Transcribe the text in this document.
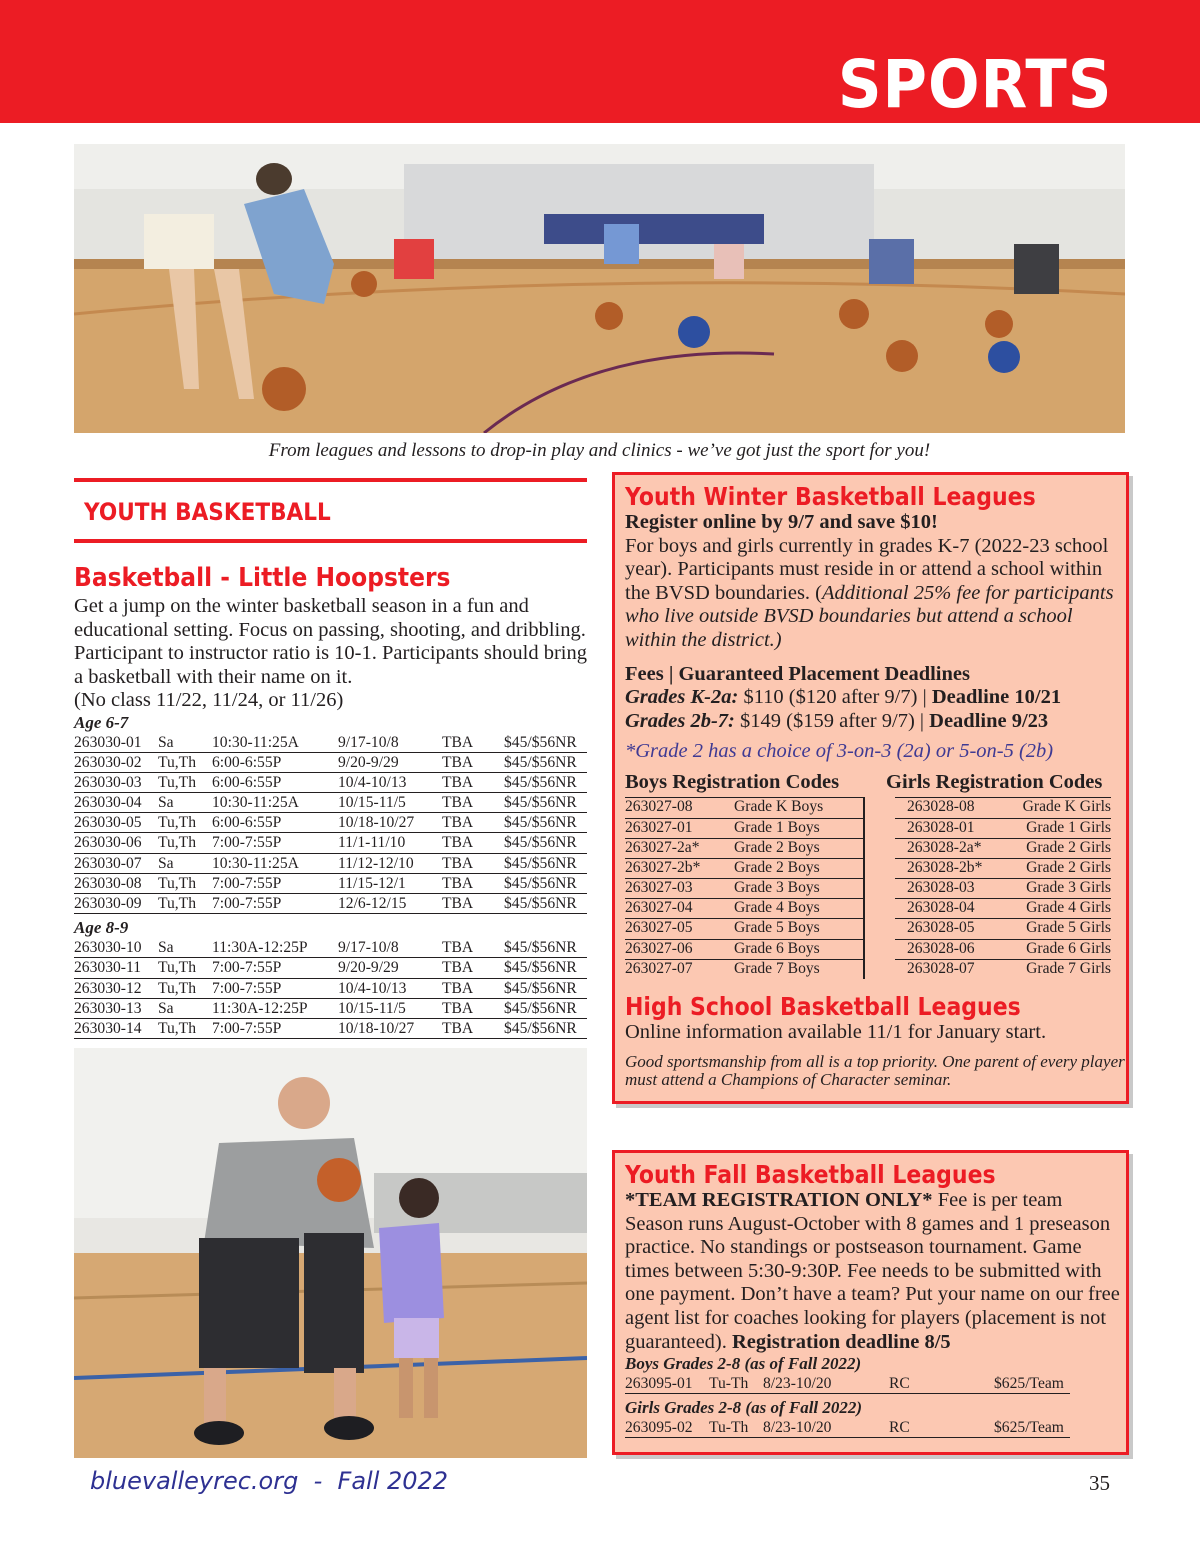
SPORTS
From leagues and lessons to drop-in play and clinics - we’ve got just the sport for you!
YOUTH BASKETBALL
Basketball - Little Hoopsters
Get a jump on the winter basketball season in a fun and educational setting. Focus on passing, shooting, and dribbling. Participant to instructor ratio is 10-1. Participants should bring a basketball with their name on it.
(No class 11/22, 11/24, or 11/26)
Age 6-7
263030-01 Sa 10:30-11:25A	9/17-10/8	TBA $45/$56NR
263030-02 Tu,Th 6:00-6:55P	9/20-9/29	TBA $45/$56NR
263030-03 Tu,Th 6:00-6:55P	10/4-10/13 TBA $45/$56NR
263030-04 Sa 10:30-11:25A	10/15-11/5 TBA $45/$56NR
263030-05 Tu,Th 6:00-6:55P	10/18-10/27 TBA $45/$56NR
263030-06 Tu,Th 7:00-7:55P	11/1-11/10 TBA $45/$56NR
263030-07 Sa 10:30-11:25A	11/12-12/10 TBA $45/$56NR
263030-08 Tu,Th 7:00-7:55P	11/15-12/1 TBA $45/$56NR
263030-09 Tu,Th 7:00-7:55P	12/6-12/15 TBA $45/$56NR
Age 8-9
263030-10 Sa 11:30A-12:25P 9/17-10/8	TBA $45/$56NR
263030-11 Tu,Th 7:00-7:55P	9/20-9/29	TBA $45/$56NR
263030-12 Tu,Th 7:00-7:55P	10/4-10/13 TBA $45/$56NR
263030-13 Sa 11:30A-12:25P 10/15-11/5 TBA $45/$56NR
263030-14 Tu,Th 7:00-7:55P	10/18-10/27 TBA $45/$56NR
Youth Winter Basketball Leagues
Register online by 9/7 and save $10!
For boys and girls currently in grades K-7 (2022-23 school year). Participants must reside in or attend a school within the BVSD boundaries. (Additional 25% fee for participants who live outside BVSD boundaries but attend a school within the district.)
Fees | Guaranteed Placement Deadlines
Grades K-2a: $110 ($120 after 9/7) | Deadline 10/21
Grades 2b-7: $149 ($159 after 9/7) | Deadline 9/23
*Grade 2 has a choice of 3-on-3 (2a) or 5-on-5 (2b)
Boys Registration Codes Girls Registration Codes
263027-08	Grade K Boys	263028-08	Grade K Girls
263027-01	Grade 1 Boys	263028-01	Grade 1 Girls
263027-2a* Grade 2 Boys	263028-2a*	Grade 2 Girls
263027-2b* Grade 2 Boys	263028-2b*	Grade 2 Girls
263027-03	Grade 3 Boys	263028-03	Grade 3 Girls
263027-04	Grade 4 Boys	263028-04	Grade 4 Girls
263027-05	Grade 5 Boys	263028-05	Grade 5 Girls
263027-06	Grade 6 Boys	263028-06	Grade 6 Girls
263027-07	Grade 7 Boys	263028-07	Grade 7 Girls
High School Basketball Leagues
Online information available 11/1 for January start.
Good sportsmanship from all is a top priority. One parent of every player must attend a Champions of Character seminar.
Youth Fall Basketball Leagues
*TEAM REGISTRATION ONLY* Fee is per team
Season runs August-October with 8 games and 1 preseason practice. No standings or postseason tournament. Game times between 5:30-9:30P. Fee needs to be submitted with one payment. Don’t have a team? Put your name on our free agent list for coaches looking for players (placement is not guaranteed). Registration deadline 8/5
Boys Grades 2-8 (as of Fall 2022)
263095-01 Tu-Th 8/23-10/20	RC	$625/Team
Girls Grades 2-8 (as of Fall 2022)
263095-02 Tu-Th 8/23-10/20	RC	$625/Team
bluevalleyrec.org  -  Fall 2022	35
